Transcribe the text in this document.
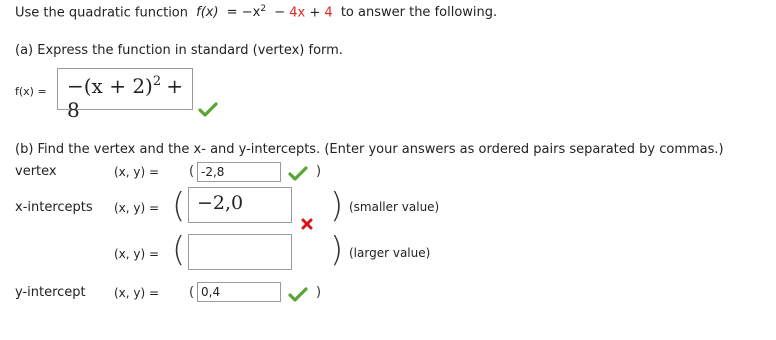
Use the quadratic function $f(x) = -x^2 - 4x + 4$ to answer the following.
(a) Express the function in standard (vertex) form.
f(x) =	$-(x + 2)^2 + 8$
(b) Find the vertex and the x- and y-intercepts. (Enter your answers as ordered pairs separated by commas.)
vertex	(x, y) = ( -2,8	)
x-intercepts (x, y) = ( −2,0	) (smaller value)
(x, y) = (	) (larger value)
y-intercept (x, y) = ( 0,4	)
